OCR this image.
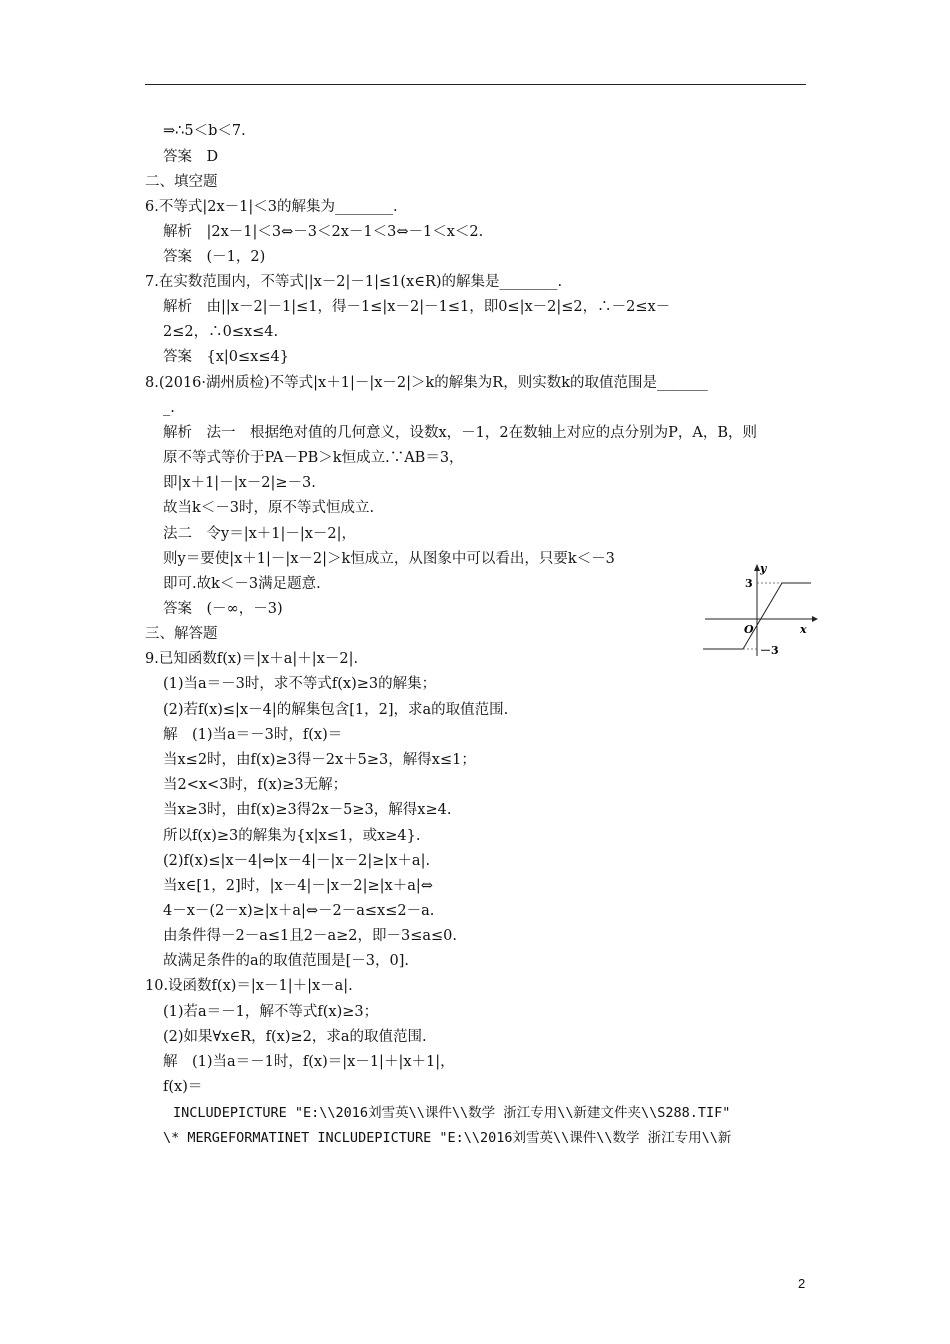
⇒∴5＜b＜7.
答案　D
二、填空题
6.不等式|2x－1|＜3的解集为________.
解析　|2x－1|＜3⇔－3＜2x－1＜3⇔－1＜x＜2.
答案　(－1，2)
7.在实数范围内，不等式||x－2|－1|≤1(x∈R)的解集是________.
解析　由||x－2|－1|≤1，得－1≤|x－2|－1≤1，即0≤|x－2|≤2，∴－2≤x－
2≤2，∴0≤x≤4.
答案　{x|0≤x≤4}
8.(2016·湖州质检)不等式|x＋1|－|x－2|＞k的解集为R，则实数k的取值范围是_______
_.
解析　法一　根据绝对值的几何意义，设数x，－1，2在数轴上对应的点分别为P，A，B，则
原不等式等价于PA－PB＞k恒成立.∵AB＝3，
即|x＋1|－|x－2|≥－3.
故当k＜－3时，原不等式恒成立.
法二　令y＝|x＋1|－|x－2|，
则y＝要使|x＋1|－|x－2|＞k恒成立，从图象中可以看出，只要k＜－3
即可.故k＜－3满足题意.
答案　(－∞，－3)
三、解答题
9.已知函数f(x)＝|x＋a|＋|x－2|.
(1)当a＝－3时，求不等式f(x)≥3的解集；
(2)若f(x)≤|x－4|的解集包含[1，2]，求a的取值范围.
解　(1)当a＝－3时，f(x)＝
当x≤2时，由f(x)≥3得－2x＋5≥3，解得x≤1；
当2<x<3时，f(x)≥3无解；
当x≥3时，由f(x)≥3得2x－5≥3，解得x≥4.
所以f(x)≥3的解集为{x|x≤1，或x≥4}.
(2)f(x)≤|x－4|⇔|x－4|－|x－2|≥|x＋a|.
当x∈[1，2]时，|x－4|－|x－2|≥|x＋a|⇔
4－x－(2－x)≥|x＋a|⇔－2－a≤x≤2－a.
由条件得－2－a≤1且2－a≥2，即－3≤a≤0.
故满足条件的a的取值范围是[－3，0].
10.设函数f(x)＝|x－1|＋|x－a|.
(1)若a＝－1，解不等式f(x)≥3；
(2)如果∀x∈R，f(x)≥2，求a的取值范围.
解　(1)当a＝－1时，f(x)＝|x－1|＋|x＋1|，
f(x)＝
INCLUDEPICTURE "E:\\2016刘雪英\\课件\\数学 浙江专用\\新建文件夹\\S288.TIF"
\* MERGEFORMATINET INCLUDEPICTURE "E:\\2016刘雪英\\课件\\数学 浙江专用\\新
y
x
O
3
－3
2
